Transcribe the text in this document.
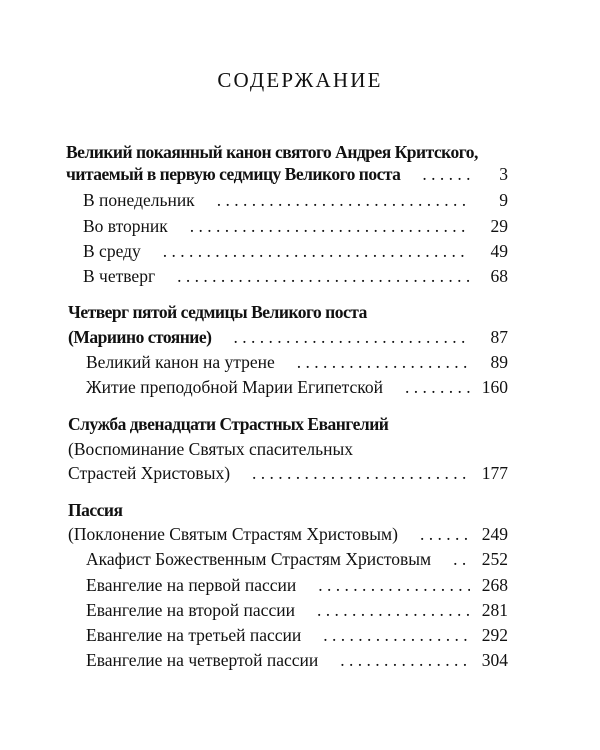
СОДЕРЖАНИЕ
Великий покаянный канон святого Андрея Критского,
читаемый в первую седмицу Великого поста . . .	3
В понедельник . . .	9
Во вторник . . .	29
В среду . . .	49
В четверг . . .	68
Четверг пятой седмицы Великого поста
(Мариино стояние) . . .	87
Великий канон на утрене . . .	89
Житие преподобной Марии Египетской . . .	160
Служба двенадцати Страстных Евангелий
(Воспоминание Святых спасительных
Страстей Христовых) . . .	177
Пассия
(Поклонение Святым Страстям Христовым) . . .	249
Акафист Божественным Страстям Христовым . . .	252
Евангелие на первой пассии . . .	268
Евангелие на второй пассии . . .	281
Евангелие на третьей пассии . . .	292
Евангелие на четвертой пассии . . .	304
